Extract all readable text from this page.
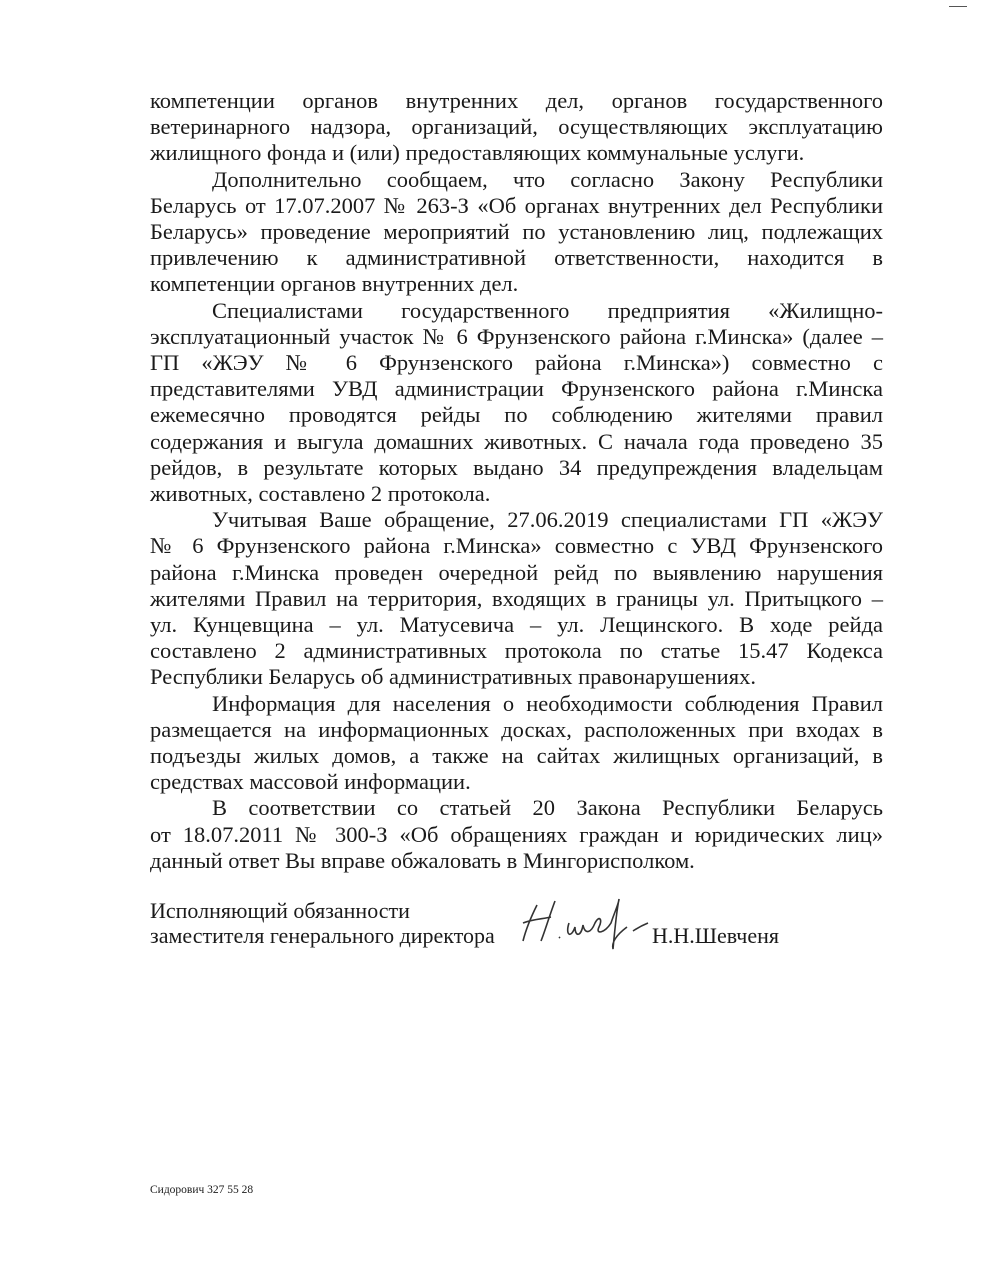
компетенции органов внутренних дел, органов государственного
ветеринарного надзора, организаций, осуществляющих эксплуатацию
жилищного фонда и (или) предоставляющих коммунальные услуги.
Дополнительно сообщаем, что согласно Закону Республики
Беларусь от 17.07.2007 № 263-З «Об органах внутренних дел Республики
Беларусь» проведение мероприятий по установлению лиц, подлежащих
привлечению к административной ответственности, находится в
компетенции органов внутренних дел.
Специалистами государственного предприятия «Жилищно-
эксплуатационный участок № 6 Фрунзенского района г.Минска» (далее –
ГП «ЖЭУ № 6 Фрунзенского района г.Минска») совместно с
представителями УВД администрации Фрунзенского района г.Минска
ежемесячно проводятся рейды по соблюдению жителями правил
содержания и выгула домашних животных. С начала года проведено 35
рейдов, в результате которых выдано 34 предупреждения владельцам
животных, составлено 2 протокола.
Учитывая Ваше обращение, 27.06.2019 специалистами ГП «ЖЭУ
№ 6 Фрунзенского района г.Минска» совместно с УВД Фрунзенского
района г.Минска проведен очередной рейд по выявлению нарушения
жителями Правил на территория, входящих в границы ул. Притыцкого –
ул. Кунцевщина – ул. Матусевича – ул. Лещинского. В ходе рейда
составлено 2 административных протокола по статье 15.47 Кодекса
Республики Беларусь об административных правонарушениях.
Информация для населения о необходимости соблюдения Правил
размещается на информационных досках, расположенных при входах в
подъезды жилых домов, а также на сайтах жилищных организаций, в
средствах массовой информации.
В соответствии со статьей 20 Закона Республики Беларусь
от 18.07.2011 № 300-З «Об обращениях граждан и юридических лиц»
данный ответ Вы вправе обжаловать в Мингорисполком.
Исполняющий обязанности
заместителя генерального директора	Н.Н.Шевченя
Сидорович 327 55 28
